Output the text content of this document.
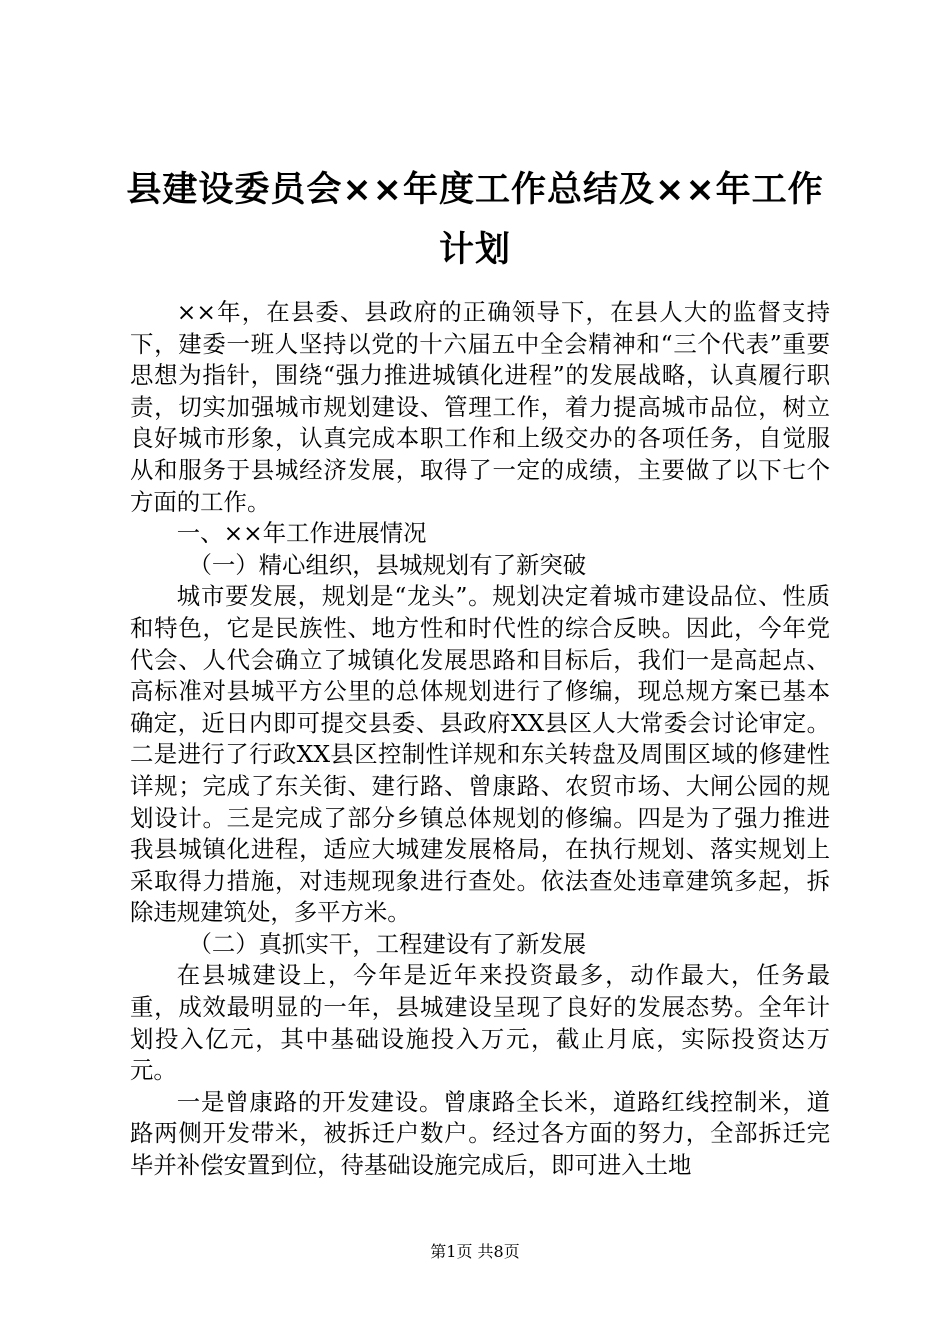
县建设委员会××年度工作总结及××年工作计划

××年，在县委、县政府的正确领导下，在县人大的监督支持下，建委一班人坚持以党的十六届五中全会精神和“三个代表”重要思想为指针，围绕“强力推进城镇化进程”的发展战略，认真履行职责，切实加强城市规划建设、管理工作，着力提高城市品位，树立良好城市形象，认真完成本职工作和上级交办的各项任务，自觉服从和服务于县城经济发展，取得了一定的成绩，主要做了以下七个方面的工作。

一、××年工作进展情况

（一）精心组织，县城规划有了新突破

城市要发展，规划是“龙头”。规划决定着城市建设品位、性质和特色，它是民族性、地方性和时代性的综合反映。因此，今年党代会、人代会确立了城镇化发展思路和目标后，我们一是高起点、高标准对县城平方公里的总体规划进行了修编，现总规方案已基本确定，近日内即可提交县委、县政府XX县区人大常委会讨论审定。二是进行了行政XX县区控制性详规和东关转盘及周围区域的修建性详规；完成了东关街、建行路、曾康路、农贸市场、大闸公园的规划设计。三是完成了部分乡镇总体规划的修编。四是为了强力推进我县城镇化进程，适应大城建发展格局，在执行规划、落实规划上采取得力措施，对违规现象进行查处。依法查处违章建筑多起，拆除违规建筑处，多平方米。

（二）真抓实干，工程建设有了新发展

在县城建设上，今年是近年来投资最多，动作最大，任务最重，成效最明显的一年，县城建设呈现了良好的发展态势。全年计划投入亿元，其中基础设施投入万元，截止月底，实际投资达万元。

一是曾康路的开发建设。曾康路全长米，道路红线控制米，道路两侧开发带米，被拆迁户数户。经过各方面的努力，全部拆迁完毕并补偿安置到位，待基础设施完成后，即可进入土地

第1页 共8页
